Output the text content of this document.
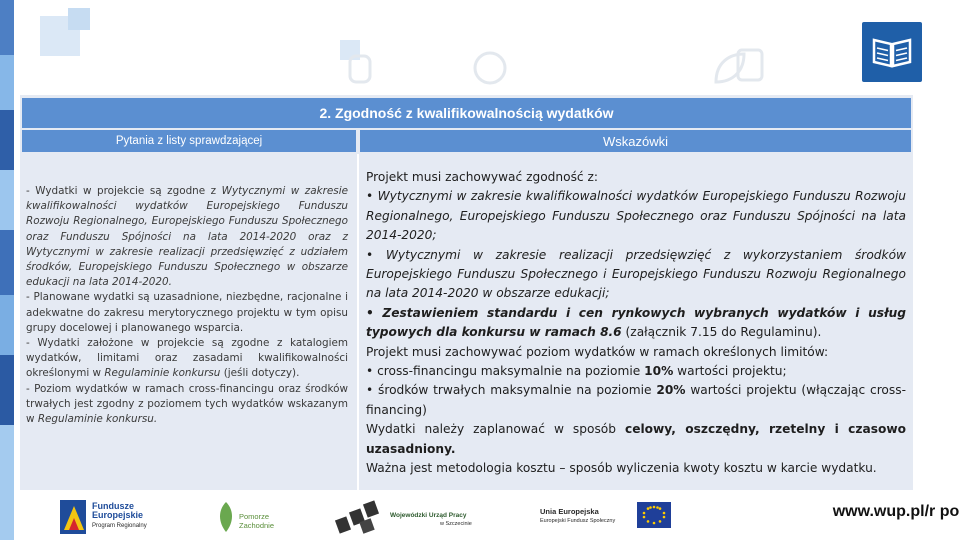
2. Zgodność z kwalifikowalnością wydatków
Pytania z listy sprawdzającej	Wskazówki

- Wydatki w projekcie są zgodne z Wytycznymi w zakresie kwalifikowalności wydatków Europejskiego Funduszu Rozwoju Regionalnego, Europejskiego Funduszu Społecznego oraz Funduszu Spójności na lata 2014-2020 oraz z Wytycznymi w zakresie realizacji przedsięwzięć z udziałem środków, Europejskiego Funduszu Społecznego w obszarze edukacji na lata 2014-2020.

- Planowane wydatki są uzasadnione, niezbędne, racjonalne i adekwatne do zakresu merytorycznego projektu w tym opisu grupy docelowej i planowanego wsparcia.

- Wydatki założone w projekcie są zgodne z katalogiem wydatków, limitami oraz zasadami kwalifikowalności określonymi w Regulaminie konkursu (jeśli dotyczy).

- Poziom wydatków w ramach cross-financingu oraz środków trwałych jest zgodny z poziomem tych wydatków wskazanym w Regulaminie konkursu.

Projekt musi zachowywać zgodność z:

• Wytycznymi w zakresie kwalifikowalności wydatków Europejskiego Funduszu Rozwoju Regionalnego, Europejskiego Funduszu Społecznego oraz Funduszu Spójności na lata 2014-2020;

• Wytycznymi w zakresie realizacji przedsięwzięć z wykorzystaniem środków Europejskiego Funduszu Społecznego i Europejskiego Funduszu Rozwoju Regionalnego na lata 2014-2020 w obszarze edukacji;

• Zestawieniem standardu i cen rynkowych wybranych wydatków i usług typowych dla konkursu w ramach 8.6 (załącznik 7.15 do Regulaminu).

Projekt musi zachowywać poziom wydatków w ramach określonych limitów:

• cross-financingu maksymalnie na poziomie 10% wartości projektu;

• środków trwałych maksymalnie na poziomie 20% wartości projektu (włączając cross-financing)

Wydatki należy zaplanować w sposób celowy, oszczędny, rzetelny i czasowo uzasadniony.

Ważna jest metodologia kosztu – sposób wyliczenia kwoty kosztu w karcie wydatku.

Fundusze
Europejskie
Program Regionalny
Pomorze
Zachodnie
Wojewódzki Urząd Pracy
w Szczecinie
Unia Europejska
Europejski Fundusz Społeczny
www.wup.pl/r po
